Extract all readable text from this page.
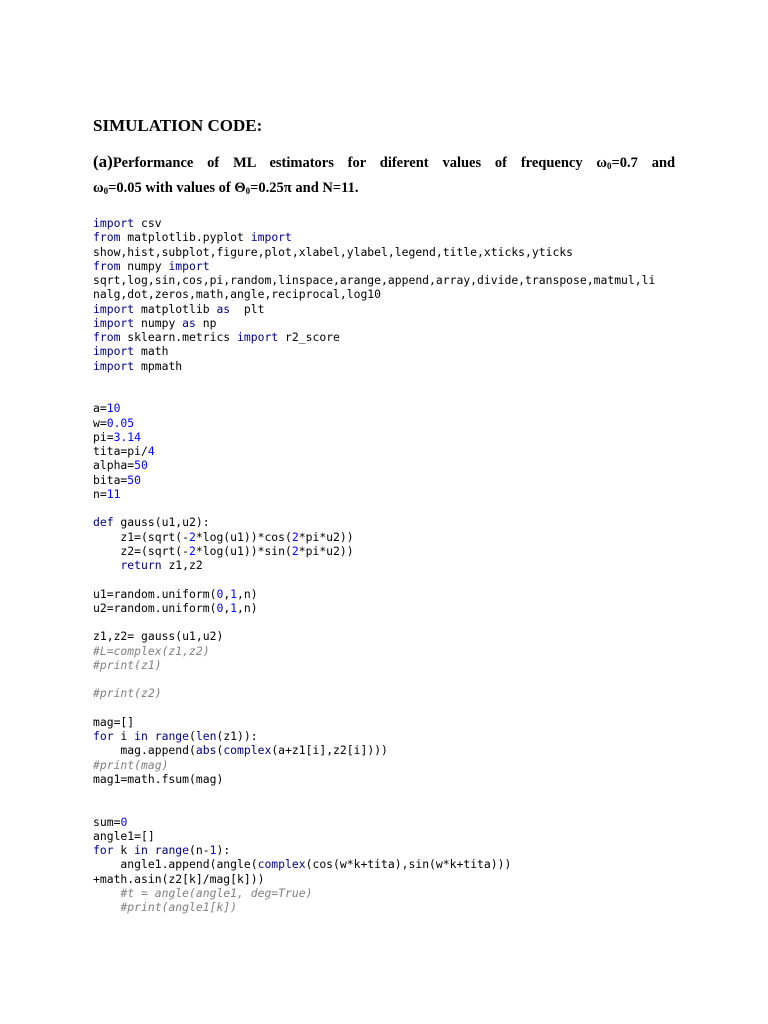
SIMULATION CODE:

(a)Performance of ML estimators for diferent values of frequency $\omega_0=0.7$ and

$\omega_0=0.05$ with values of $\Theta_0=0.25\pi$ and N=11.

import csv
from matplotlib.pyplot import
show,hist,subplot,figure,plot,xlabel,ylabel,legend,title,xticks,yticks
from numpy import
sqrt,log,sin,cos,pi,random,linspace,arange,append,array,divide,transpose,matmul,li
nalg,dot,zeros,math,angle,reciprocal,log10
import matplotlib as  plt
import numpy as np
from sklearn.metrics import r2_score
import math
import mpmath

a=10
w=0.05
pi=3.14
tita=pi/4
alpha=50
bita=50
n=11

def gauss(u1,u2):
z1=(sqrt(-2*log(u1))*cos(2*pi*u2))
z2=(sqrt(-2*log(u1))*sin(2*pi*u2))
return z1,z2

u1=random.uniform(0,1,n)
u2=random.uniform(0,1,n)

z1,z2= gauss(u1,u2)
#L=complex(z1,z2)
#print(z1)

#print(z2)

mag=[]
for i in range(len(z1)):
mag.append(abs(complex(a+z1[i],z2[i])))
#print(mag)
mag1=math.fsum(mag)

sum=0
angle1=[]
for k in range(n-1):
angle1.append(angle(complex(cos(w*k+tita),sin(w*k+tita)))
+math.asin(z2[k]/mag[k]))
#t = angle(angle1, deg=True)
#print(angle1[k])
